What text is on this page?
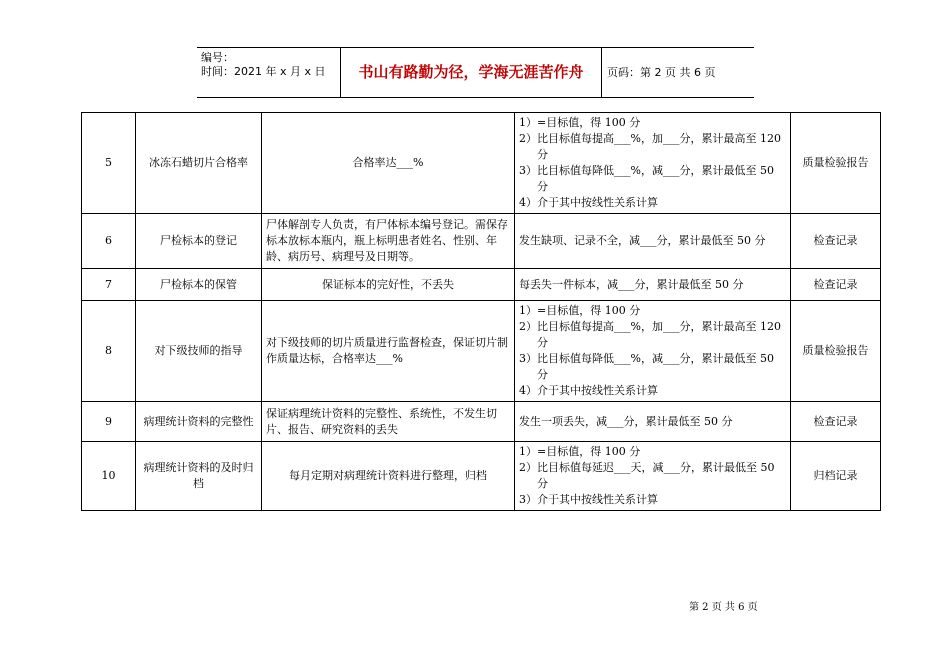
编号：
时间：2021 年 x 月 x 日	书山有路勤为径，学海无涯苦作舟	页码：第 2 页 共 6 页
5	冰冻石蜡切片合格率	合格率达___%	1）=目标值，得 100 分
2）比目标值每提高___%，加___分，累计最高至 120 分
3）比目标值每降低___%，减___分，累计最低至 50 分
4）介于其中按线性关系计算	质量检验报告
6	尸检标本的登记	尸体解剖专人负责，有尸体标本编号登记。需保存标本放标本瓶内，瓶上标明患者姓名、性别、年龄、病历号、病理号及日期等。	发生缺项、记录不全，减___分，累计最低至 50 分	检查记录
7	尸检标本的保管	保证标本的完好性，不丢失	每丢失一件标本，减___分，累计最低至 50 分	检查记录
8	对下级技师的指导	对下级技师的切片质量进行监督检查，保证切片制作质量达标，合格率达___%	1）=目标值，得 100 分
2）比目标值每提高___%，加___分，累计最高至 120 分
3）比目标值每降低___%，减___分，累计最低至 50 分
4）介于其中按线性关系计算	质量检验报告
9	病理统计资料的完整性	保证病理统计资料的完整性、系统性，不发生切片、报告、研究资料的丢失	发生一项丢失，减___分，累计最低至 50 分	检查记录
10	病理统计资料的及时归档	每月定期对病理统计资料进行整理，归档	1）=目标值，得 100 分
2）比目标值每延迟___天，减___分，累计最低至 50 分
3）介于其中按线性关系计算	归档记录
第 2 页 共 6 页
